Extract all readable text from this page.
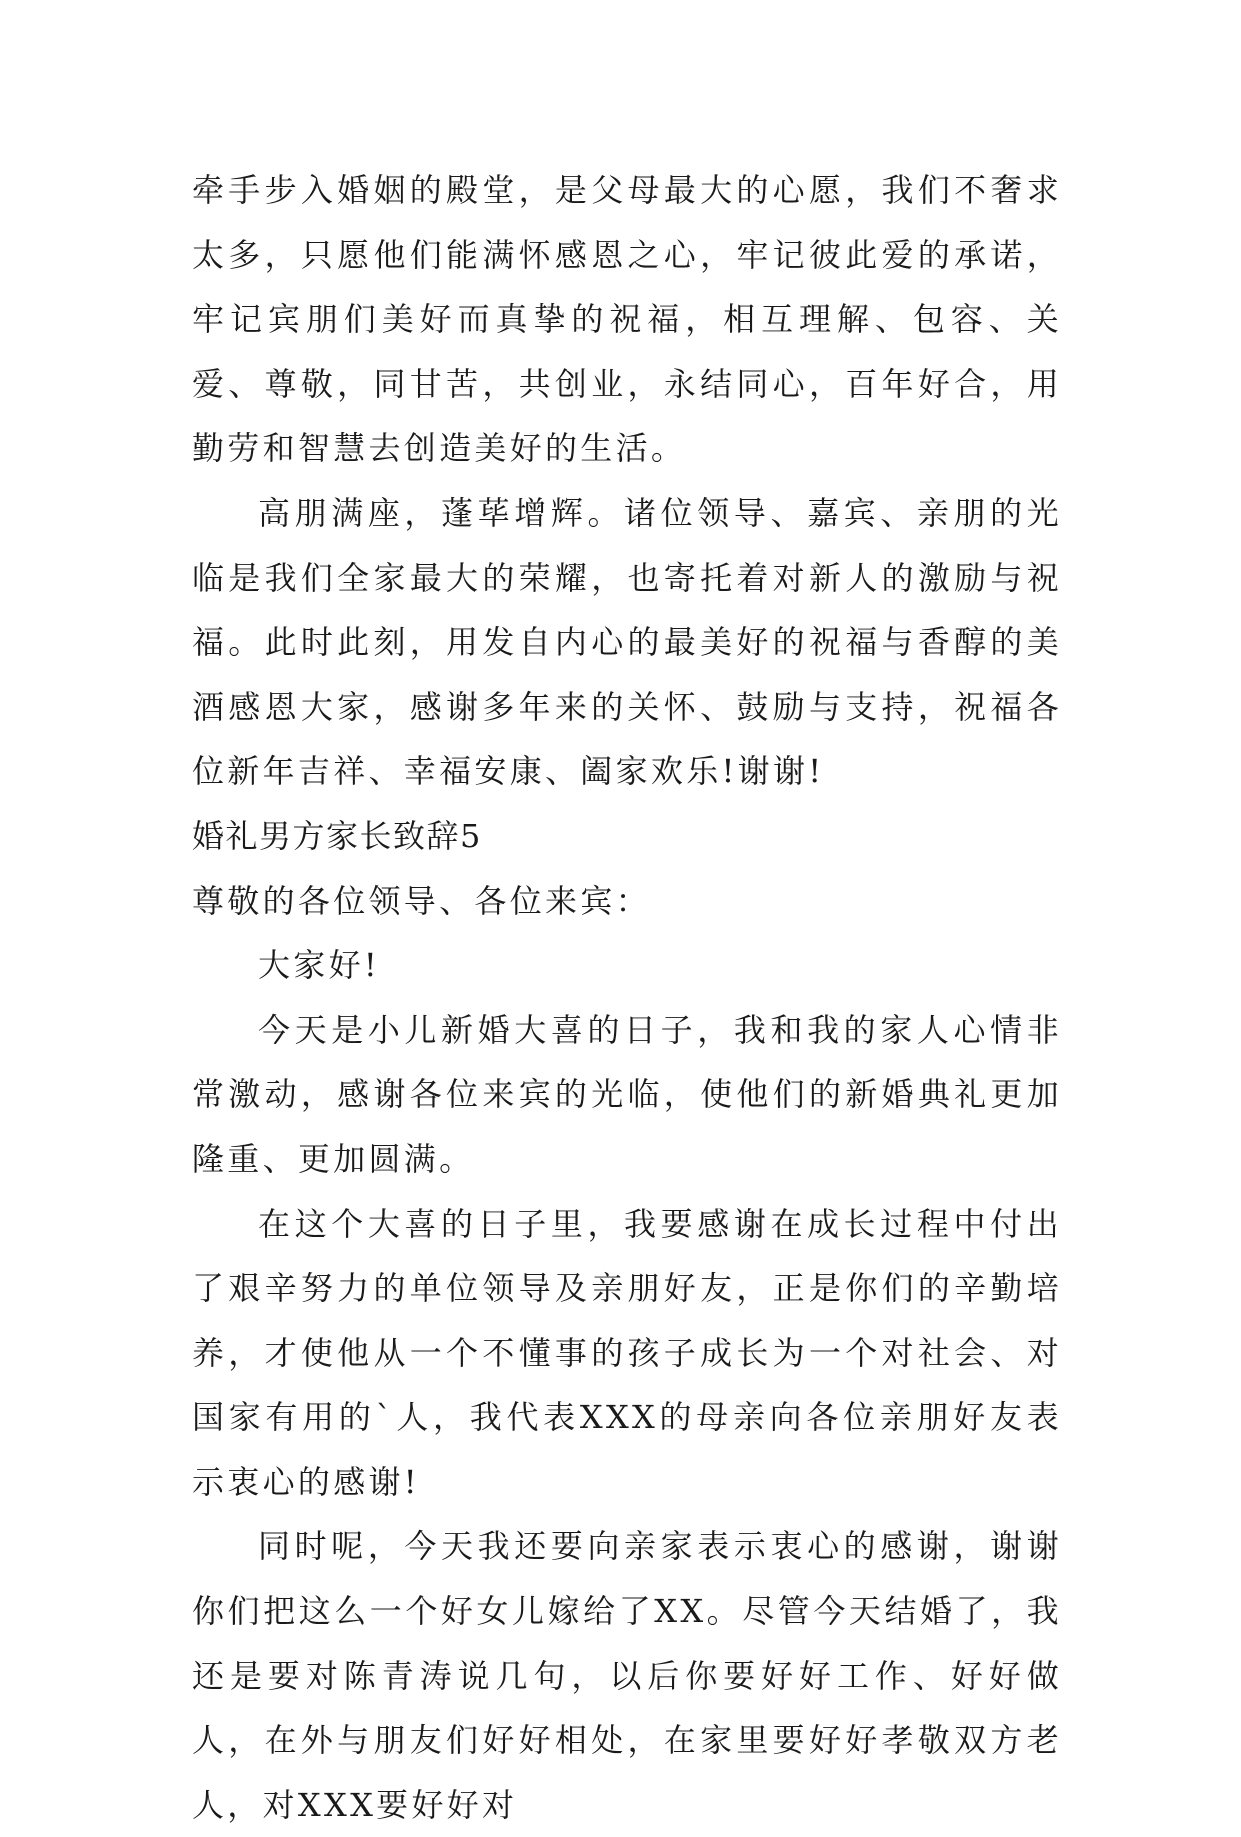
牵手步入婚姻的殿堂，是父母最大的心愿，我们不奢求太多，只愿他们能满怀感恩之心，牢记彼此爱的承诺，牢记宾朋们美好而真挚的祝福，相互理解、包容、关爱、尊敬，同甘苦，共创业，永结同心，百年好合，用勤劳和智慧去创造美好的生活。

高朋满座，蓬荜增辉。诸位领导、嘉宾、亲朋的光临是我们全家最大的荣耀，也寄托着对新人的激励与祝福。此时此刻，用发自内心的最美好的祝福与香醇的美酒感恩大家，感谢多年来的关怀、鼓励与支持，祝福各位新年吉祥、幸福安康、阖家欢乐!谢谢!

婚礼男方家长致辞5

尊敬的各位领导、各位来宾：

大家好!

今天是小儿新婚大喜的日子，我和我的家人心情非常激动，感谢各位来宾的光临，使他们的新婚典礼更加隆重、更加圆满。

在这个大喜的日子里，我要感谢在成长过程中付出了艰辛努力的单位领导及亲朋好友，正是你们的辛勤培养，才使他从一个不懂事的孩子成长为一个对社会、对国家有用的`人，我代表XXX的母亲向各位亲朋好友表示衷心的感谢!

同时呢，今天我还要向亲家表示衷心的感谢，谢谢你们把这么一个好女儿嫁给了XX。尽管今天结婚了，我还是要对陈青涛说几句，以后你要好好工作、好好做人，在外与朋友们好好相处，在家里要好好孝敬双方老人，对XXX要好好对
